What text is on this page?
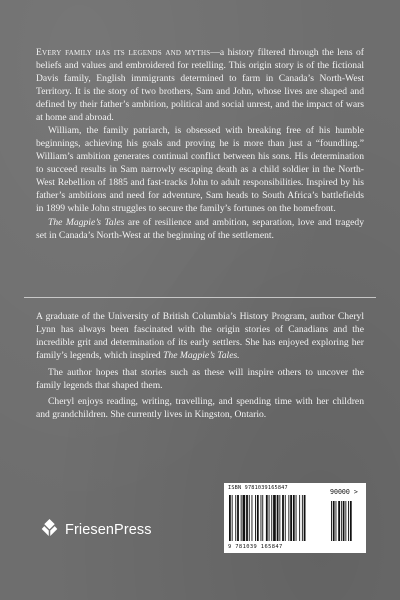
Every family has its legends and myths—a history filtered through the lens of beliefs and values and embroidered for retelling. This origin story is of the fictional Davis family, English immigrants determined to farm in Canada’s North-West Territory. It is the story of two brothers, Sam and John, whose lives are shaped and defined by their father’s ambition, political and social unrest, and the impact of wars at home and abroad.

William, the family patriarch, is obsessed with breaking free of his humble beginnings, achieving his goals and proving he is more than just a “foundling.” William’s ambition generates continual conflict between his sons. His determination to succeed results in Sam narrowly escaping death as a child soldier in the North-West Rebellion of 1885 and fast-tracks John to adult responsibilities. Inspired by his father’s ambitions and need for adventure, Sam heads to South Africa’s battlefields in 1899 while John struggles to secure the family’s fortunes on the homefront.

The Magpie’s Tales are of resilience and ambition, separation, love and tragedy set in Canada’s North-West at the beginning of the settlement.

A graduate of the University of British Columbia’s History Program, author Cheryl Lynn has always been fascinated with the origin stories of Canadians and the incredible grit and determination of its early settlers. She has enjoyed exploring her family’s legends, which inspired The Magpie’s Tales.

The author hopes that stories such as these will inspire others to uncover the family legends that shaped them.

Cheryl enjoys reading, writing, travelling, and spending time with her children and grandchildren. She currently lives in Kingston, Ontario.

FriesenPress
ISBN 9781039165847	90000 >
9 781039 165847
